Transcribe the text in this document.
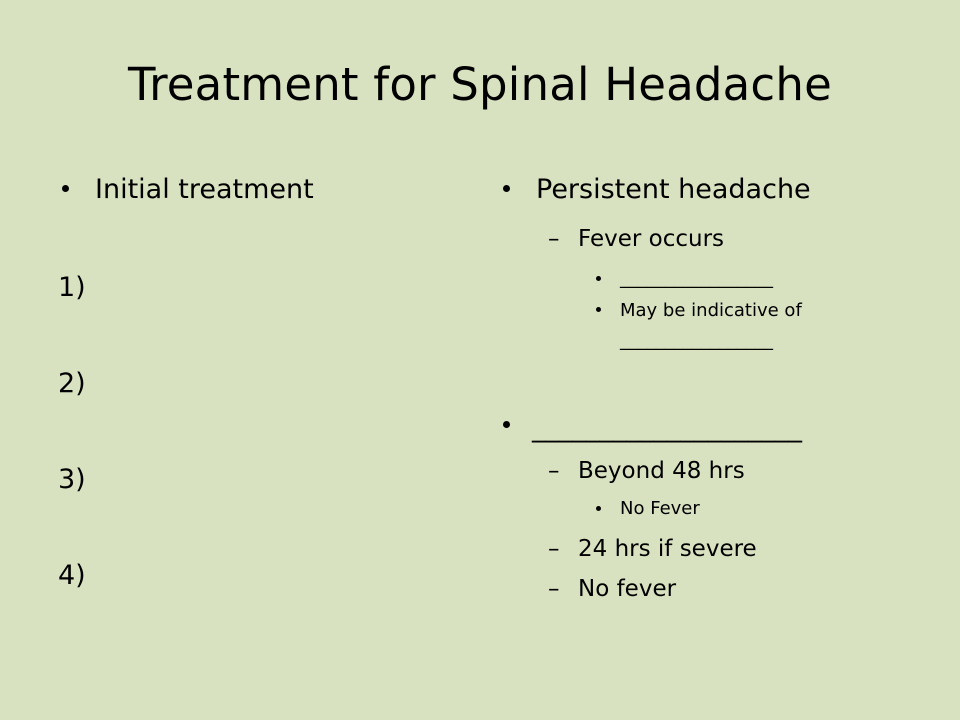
Treatment for Spinal Headache
Initial treatment
1)
2)
3)
4)
Persistent headache
– Fever occurs
_________________
May be indicative of
_________________
____________________
– Beyond 48 hrs
No Fever
– 24 hrs if severe
– No fever
